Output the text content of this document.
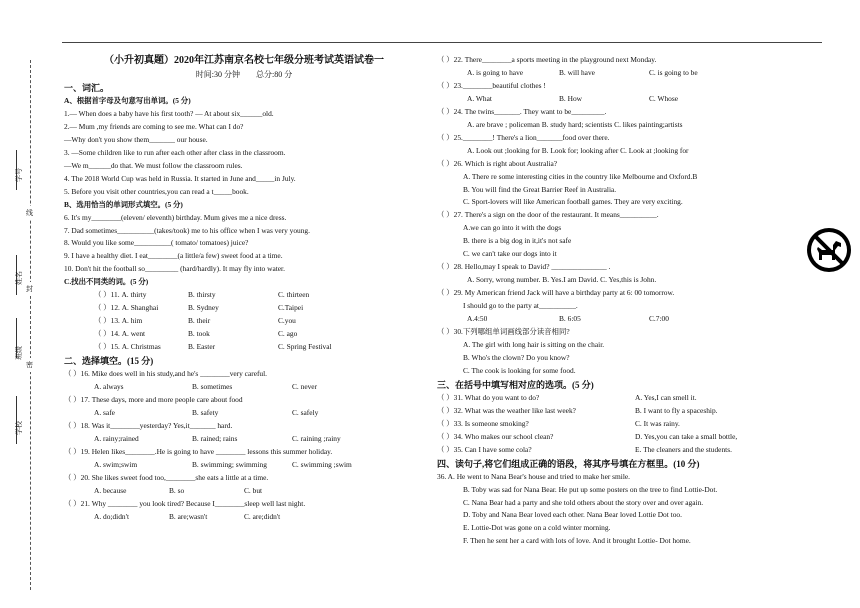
学号
线
姓名
封
班级
密
学校
（小升初真题）2020年江苏南京名校七年级分班考试英语试卷一
时间:30 分钟        总分:80 分
一、词汇。
A、根据首字母及句意写出单词。(5 分)
1.— When does a baby have his first tooth? — At about six______old.
2.— Mum ,my friends are coming to see me. What can I do?
—Why don't you show them_______ our house.
3. —Some children like to run after each other after class in the classroom.
—We m______do that. We must follow the classroom rules.
4. The 2018 World Cup was held in Russia. It started in June and_____in July.
5. Before you visit other countries,you can read a t_____book.
B、选用恰当的单词形式填空。(5 分)
6. It's my________(eleven/ eleventh) birthday. Mum gives me a nice dress.
7. Dad sometimes__________(takes/took) me to his office when I was very young.
8. Would you like some__________( tomato/ tomatoes) juice?
9. I have a healthy diet. I eat________(a little/a few) sweet food at a time.
10. Don't hit the football so_________ (hard/hardly). It may fly into water.
C.找出不同类的词。(5 分)
（ ）11. A. thirty	B. thirsty	C. thirteen
（ ）12. A. Shanghai	B. Sydney	C.Taipei
（ ）13. A. him	B. their	C.you
（ ）14. A. went	B. took	C. ago
（ ）15. A. Christmas	B. Easter	C. Spring Festival
二、选择填空。(15 分)
（ ）16. Mike does well in his study,and he's ________very careful.
A. always	B. sometimes	C. never
（ ）17. These days, more and more people care about food
A. safe	B. safety	C. safely
（ ）18. Was it________yesterday? Yes,it_______ hard.
A. rainy;rained	B. rained; rains	C. raining ;rainy
（ ）19. Helen likes________.He is going to have ________ lessons this summer holiday.
A. swim;swim	B. swimming; swimming	C. swimming ;swim
（ ）20. She likes sweet food too,________she eats a little at a time.
A. because	B. so	C. but
（ ）21. Why ________ you look tired? Because I________sleep well last night.
A. do;didn't	B. are;wasn't	C. are;didn't
（ ）22. There________a sports meeting in the playground next Monday.
A. is going to have	B. will have	C. is going to be
（ ）23.________beautiful clothes !
A. What	B. How	C. Whose
（ ）24. The twins_______. They want to be_________.
A. are brave ; policeman B. study hard; scientists C. likes painting;artists
（ ）25.________! There's a lion_______food over there.
A. Look out ;looking for B. Look for; looking after C. Look at ;looking for
（ ）26. Which is right about Australia?
A. There re some interesting cities in the country like Melbourne and Oxford.B
B. You will find the Great Barrier Reef in Australia.
C. Sport-lovers will like American football games. They are very exciting.
（ ）27. There's a sign on the door of the restaurant. It means__________.
A.we can go into it with the dogs
B. there is a big dog in it,it's not safe
C. we can't take our dogs into it
（ ）28. Hello,may I speak to David? _______________ .
A. Sorry, wrong number. B. Yes.I am David. C. Yes,this is John.
（ ）29. My American friend Jack will have a birthday party at 6: 00 tomorrow.
I should go to the party at__________.
A.4:50	B. 6:05	C.7:00
（ ）30.下列哪组单词画线部分读音相同?
A. The girl with long hair is sitting on the chair.
B. Who's the clown? Do you know?
C. The cook is looking for some food.
三、在括号中填写相对应的选项。(5 分)
（ ）31. What do you want to do?	A. Yes,I can smell it.
（ ）32. What was the weather like last week?	B. I want to fly a spaceship.
（ ）33. Is someone smoking?	C. It was rainy.
（ ）34. Who makes our school clean?	D. Yes,you can take a small bottle,
（ ）35. Can I have some cola?	E. The cleaners and the students.
四、读句子,将它们组成正确的语段，将其序号填在方框里。(10 分)
36. A. He went to Nana Bear's house and tried to make her smile.
B. Toby was sad for Nana Bear. He put up some posters on the tree to find Lottie-Dot.
C. Nana Bear had a party and she told others about the story over and over again.
D. Toby and Nana Bear loved each other. Nana Bear loved Lottie Dot too.
E. Lottie-Dot was gone on a cold winter morning.
F. Then he sent her a card with lots of love. And it brought Lottie- Dot home.
